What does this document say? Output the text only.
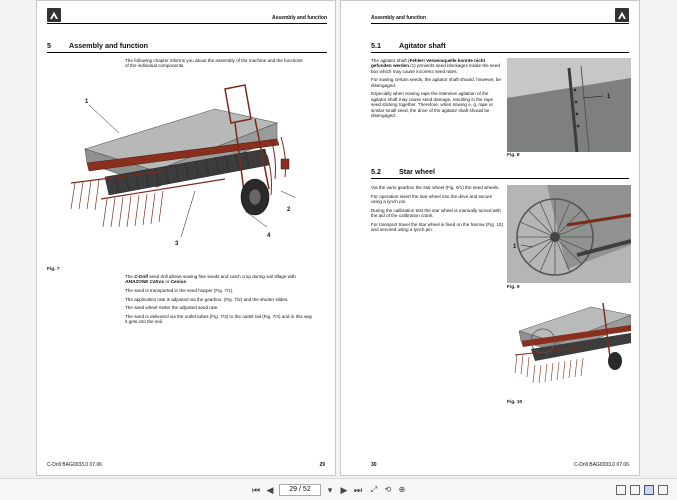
Assembly and function
5	Assembly and function

The following chapter informs you about the assembly of the machine and the functions of the individual components.

1
2
3
4
Fig. 7

The C-Drill seed drill allows sowing fine seeds and catch crop during soil tillage with AMAZONE Catros or Cenius.

The seed is transported in the seed hopper (Fig. 7/1).

The application rate is adjusted via the gearbox. (Fig. 7/2) and the shutter slides.

The seed wheel meter the adjusted seed rate.

The seed is delivered via the outlet tubes (Fig. 7/3) to the outlet rail (Fig. 7/4) and in this way it gets into the soil.

C-Drill BAG0033.0 07.06	29
Assembly and function
5.1	Agitator shaft

The agitator shaft (Fehler! Verweisquelle konnte nicht gefunden werden./1) prevents seed blockages inside the seed box which may cause incorrect seed rates.

For sowing certain seeds, the agitator shaft should, however, be disengaged.

Especially when sowing rape the intensive agitation of the agitator shaft may cause seed damage, resulting in the rape seed sticking together. Therefore, when sowing e. g. rape or similar small seed, the drive of the agitator shaft should be disengaged.

1
Fig. 8
5.2	Star wheel

Via the vario gearbox the star wheel (Fig. 9/1) the seed wheels.

For operation insert the star wheel into the drive and secure using a lynch pin.

During the calibration test the star wheel is manually turned with the aid of the calibration crank.

For transport travel the star wheel is fixed on the harrow (Fig. 10) and secured using a lynch pin.

1
Fig. 9
Fig. 10
30	C-Drill BAG0033.0 07.06
⏮ ◀	29 / 52	▾ ▶ ⏭	⤢ ⟲ ⊕
